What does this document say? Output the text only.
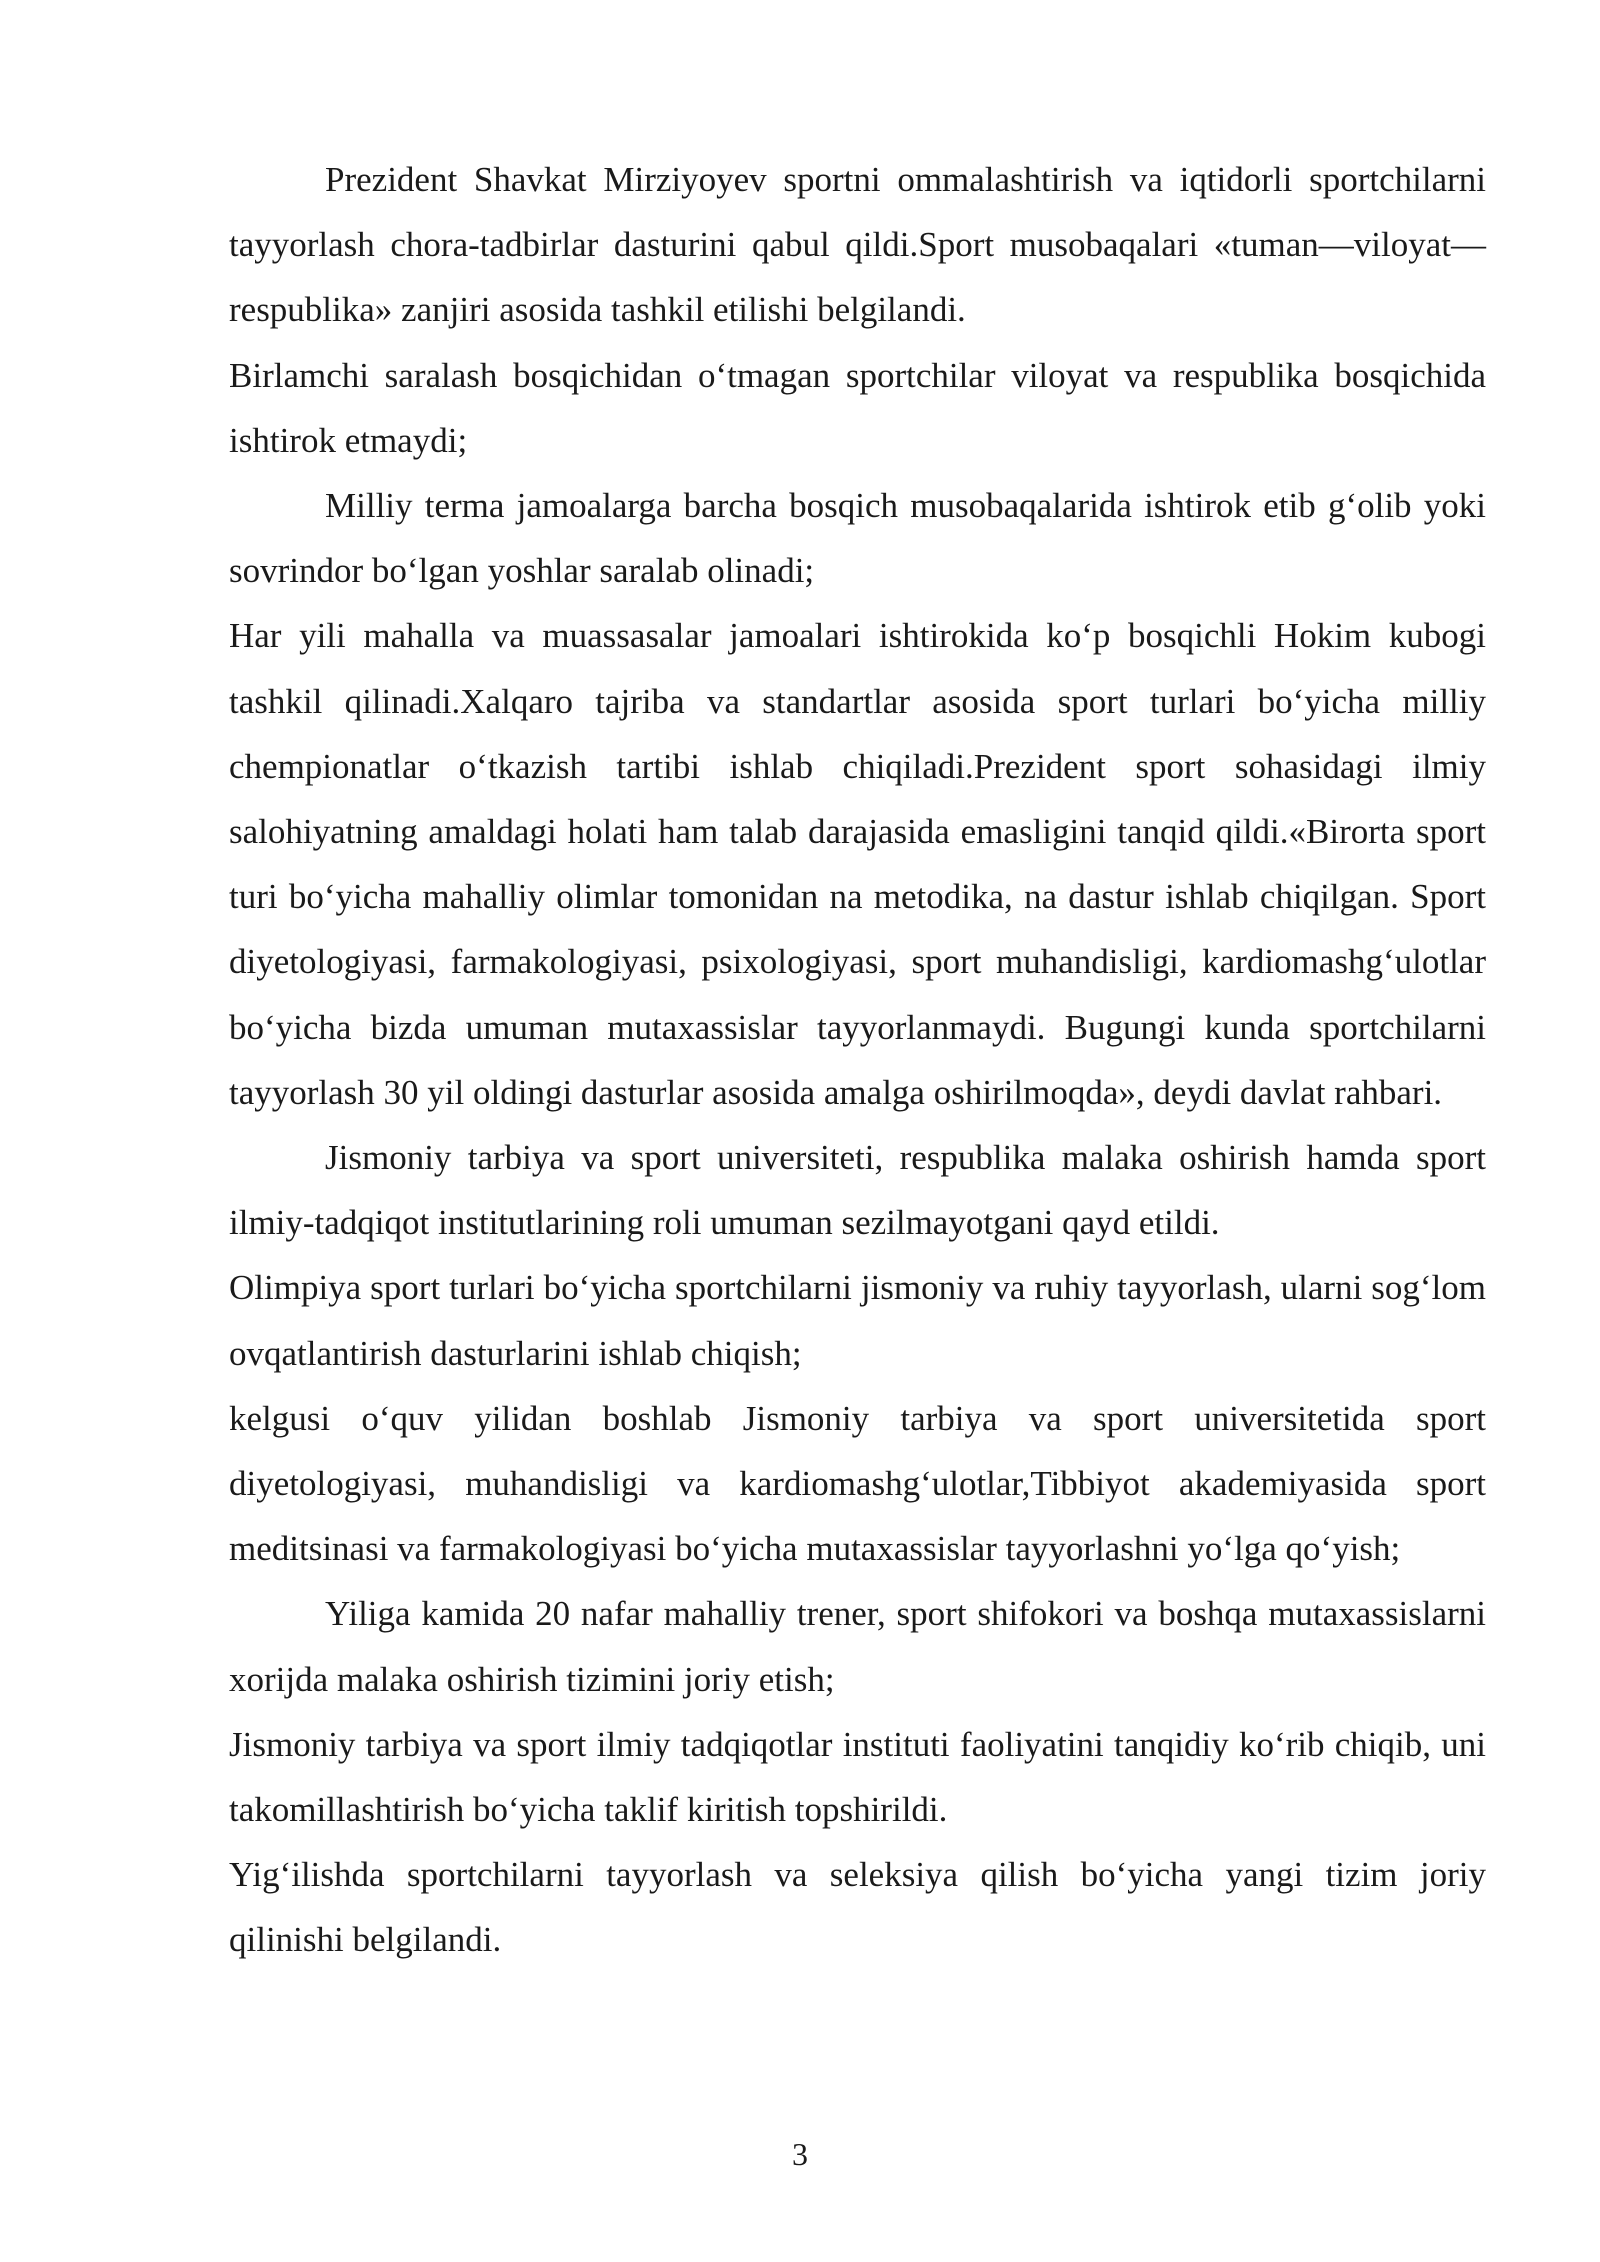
Prezident Shavkat Mirziyoyev sportni ommalashtirish va iqtidorli sportchilarni tayyorlash chora-tadbirlar dasturini qabul qildi.Sport musobaqalari «tuman—viloyat—respublika» zanjiri asosida tashkil etilishi belgilandi.

Birlamchi saralash bosqichidan o‘tmagan sportchilar viloyat va respublika bosqichida ishtirok etmaydi;

Milliy terma jamoalarga barcha bosqich musobaqalarida ishtirok etib g‘olib yoki sovrindor bo‘lgan yoshlar saralab olinadi;

Har yili mahalla va muassasalar jamoalari ishtirokida ko‘p bosqichli Hokim kubogi tashkil qilinadi.Xalqaro tajriba va standartlar asosida sport turlari bo‘yicha milliy chempionatlar o‘tkazish tartibi ishlab chiqiladi.Prezident sport sohasidagi ilmiy salohiyatning amaldagi holati ham talab darajasida emasligini tanqid qildi.«Birorta sport turi bo‘yicha mahalliy olimlar tomonidan na metodika, na dastur ishlab chiqilgan. Sport diyetologiyasi, farmakologiyasi, psixologiyasi, sport muhandisligi, kardiomashg‘ulotlar bo‘yicha bizda umuman mutaxassislar tayyorlanmaydi. Bugungi kunda sportchilarni tayyorlash 30 yil oldingi dasturlar asosida amalga oshirilmoqda», deydi davlat rahbari.

Jismoniy tarbiya va sport universiteti, respublika malaka oshirish hamda sport ilmiy-tadqiqot institutlarining roli umuman sezilmayotgani qayd etildi.

Olimpiya sport turlari bo‘yicha sportchilarni jismoniy va ruhiy tayyorlash, ularni sog‘lom ovqatlantirish dasturlarini ishlab chiqish;

kelgusi o‘quv yilidan boshlab Jismoniy tarbiya va sport universitetida sport diyetologiyasi, muhandisligi va kardiomashg‘ulotlar,Tibbiyot akademiyasida sport meditsinasi va farmakologiyasi bo‘yicha mutaxassislar tayyorlashni yo‘lga qo‘yish;

Yiliga kamida 20 nafar mahalliy trener, sport shifokori va boshqa mutaxassislarni xorijda malaka oshirish tizimini joriy etish;

Jismoniy tarbiya va sport ilmiy tadqiqotlar instituti faoliyatini tanqidiy ko‘rib chiqib, uni takomillashtirish bo‘yicha taklif kiritish topshirildi.

Yig‘ilishda sportchilarni tayyorlash va seleksiya qilish bo‘yicha yangi tizim joriy qilinishi belgilandi.

3
